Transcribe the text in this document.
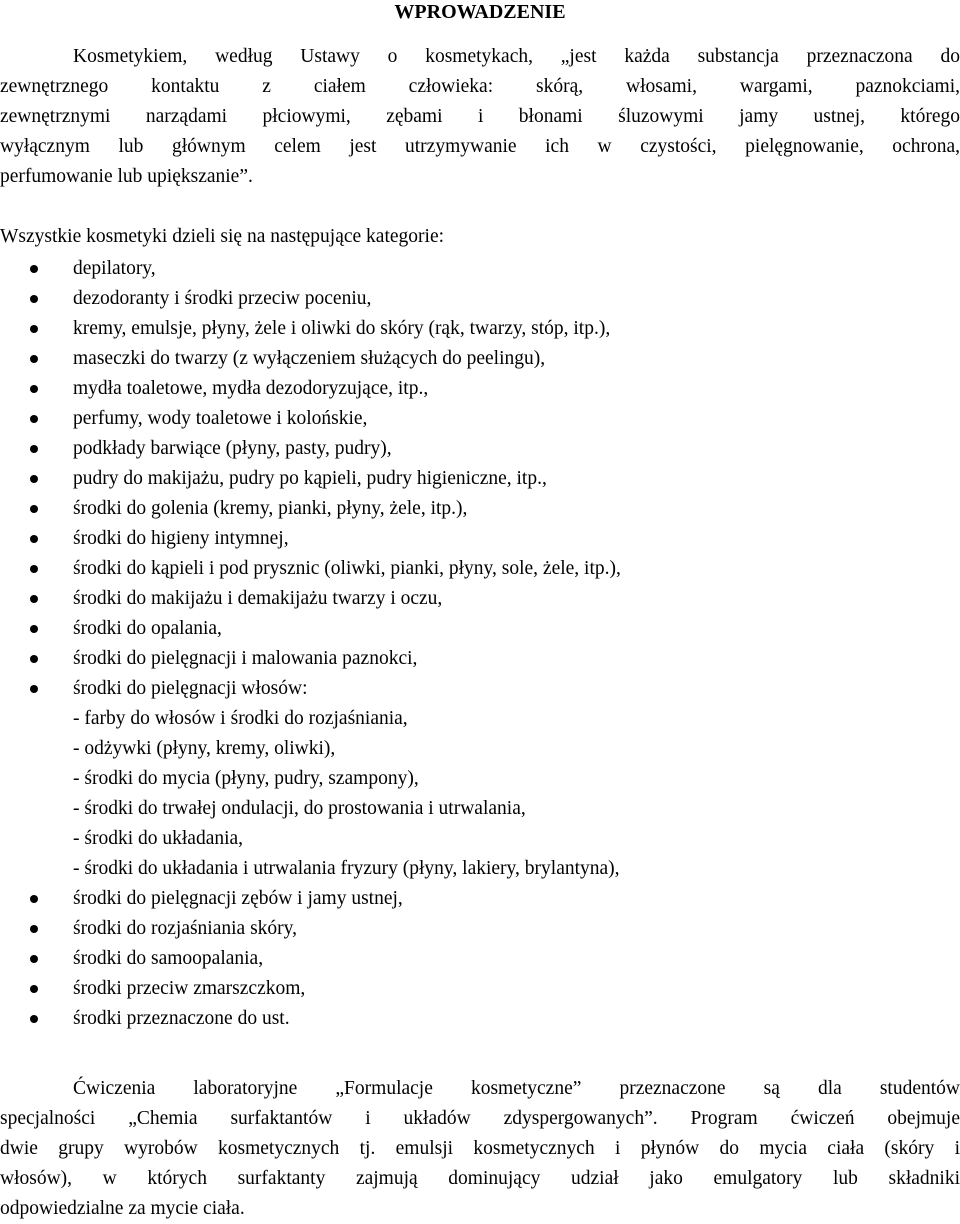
WPROWADZENIE
Kosmetykiem, według Ustawy o kosmetykach, „jest każda substancja przeznaczona do
zewnętrznego kontaktu z ciałem człowieka: skórą, włosami, wargami, paznokciami,
zewnętrznymi narządami płciowymi, zębami i błonami śluzowymi jamy ustnej, którego
wyłącznym lub głównym celem jest utrzymywanie ich w czystości, pielęgnowanie, ochrona,
perfumowanie lub upiększanie”.
Wszystkie kosmetyki dzieli się na następujące kategorie:
depilatory,
dezodoranty i środki przeciw poceniu,
kremy, emulsje, płyny, żele i oliwki do skóry (rąk, twarzy, stóp, itp.),
maseczki do twarzy (z wyłączeniem służących do peelingu),
mydła toaletowe, mydła dezodoryzujące, itp.,
perfumy, wody toaletowe i kolońskie,
podkłady barwiące (płyny, pasty, pudry),
pudry do makijażu, pudry po kąpieli, pudry higieniczne, itp.,
środki do golenia (kremy, pianki, płyny, żele, itp.),
środki do higieny intymnej,
środki do kąpieli i pod prysznic (oliwki, pianki, płyny, sole, żele, itp.),
środki do makijażu i demakijażu twarzy i oczu,
środki do opalania,
środki do pielęgnacji i malowania paznokci,
środki do pielęgnacji włosów:
- farby do włosów i środki do rozjaśniania,
- odżywki (płyny, kremy, oliwki),
- środki do mycia (płyny, pudry, szampony),
- środki do trwałej ondulacji, do prostowania i utrwalania,
- środki do układania,
- środki do układania i utrwalania fryzury (płyny, lakiery, brylantyna),
środki do pielęgnacji zębów i jamy ustnej,
środki do rozjaśniania skóry,
środki do samoopalania,
środki przeciw zmarszczkom,
środki przeznaczone do ust.
Ćwiczenia laboratoryjne „Formulacje kosmetyczne” przeznaczone są dla studentów
specjalności „Chemia surfaktantów i układów zdyspergowanych”. Program ćwiczeń obejmuje
dwie grupy wyrobów kosmetycznych tj. emulsji kosmetycznych i płynów do mycia ciała (skóry i
włosów), w których surfaktanty zajmują dominujący udział jako emulgatory lub składniki
odpowiedzialne za mycie ciała.
